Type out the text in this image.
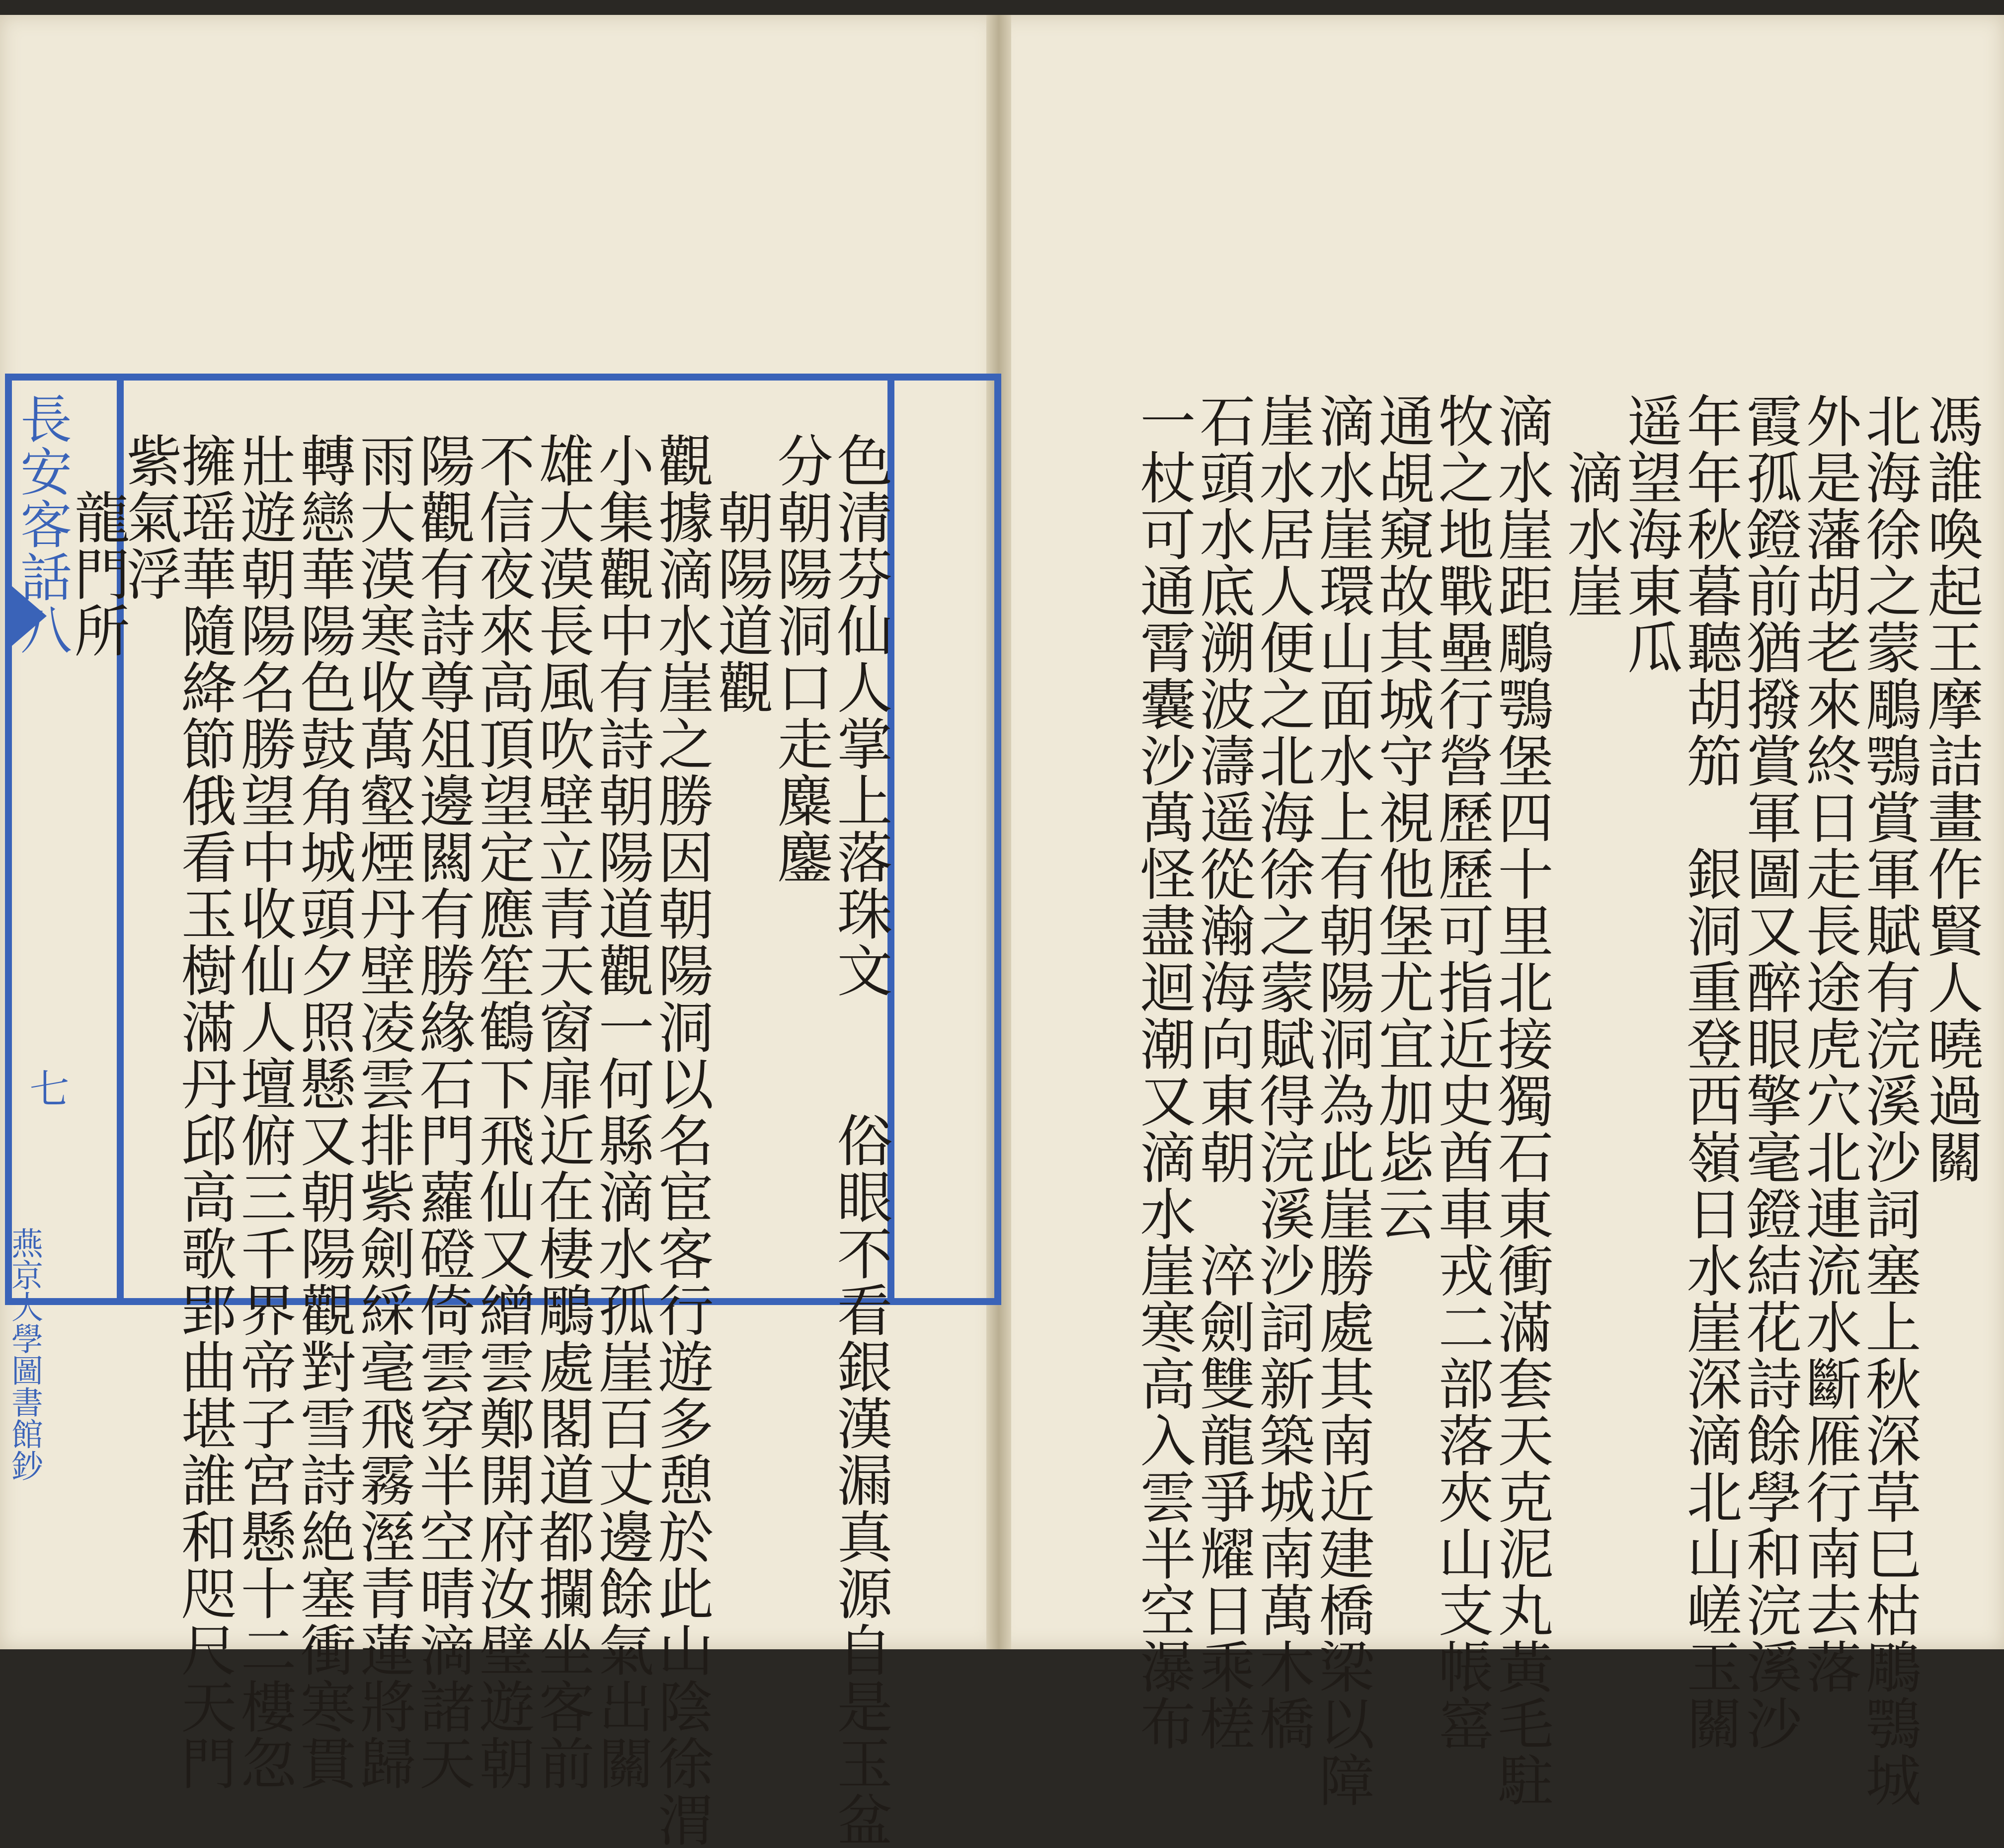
長安客話八
七
燕京大學圖書館鈔	色清芬仙人掌上落珠文　　俗眼不看銀漢漏真源自是玉盆
分朝陽洞口走麋鏖
　朝陽道觀
觀據滴水崖之勝因朝陽洞以名宦客行遊多憩於此山陰徐渭
小集觀中有詩朝陽道觀一何縣滴水孤崖百丈邊餘氣出關
雄大漠長風吹壁立青天窗扉近在棲鵰處閣道都攔坐客前
不信夜來高頂望定應笙鶴下飛仙又繒雲鄭開府汝璧遊朝
陽觀有詩尊俎邊闗有勝緣石門蘿磴倚雲穿半空晴滴諸天
雨大漠寒收萬壑煙丹壁凌雲排紫劍綵毫飛霧溼青蓮將歸
轉戀華陽色鼓角城頭夕照懸又朝陽觀對雪詩絶塞衝寒貫
壯遊朝陽名勝望中收仙人壇俯三千界帝子宮懸十二樓忽
擁瑶華隨絳節俄看玉樹滿丹邱高歌郢曲堪誰和咫尺天門
紫氣浮
　龍門所	馮誰喚起王摩詰畫作賢人曉過關
北海徐之蒙鵰鶚賞軍賦有浣溪沙詞塞上秋深草巳枯鵰鶚城
外是藩胡老來終日走長途虎穴北連流水斷雁行南去落
霞孤鐙前猶撥賞軍圖又醉眼擎毫鐙結花詩餘學和浣溪沙
年年秋暮聽胡笳　銀洞重登西嶺日水崖深滴北山嵯玉關
遥望海東瓜
　滴水崖
滴水崖距鵰鶚堡四十里北接獨石東衝滿套天克泥丸黃毛駐
牧之地戰壘行營歷歷可指近史酋車戎二部落夾山支帳窰
通覘窺故其城守視他堡尤宜加毖云
滴水崖環山面水上有朝陽洞為此崖勝處其南近建橋梁以障
崖水居人便之北海徐之蒙賦得浣溪沙詞新築城南萬木橋
石頭水底溯波濤遥從瀚海向東朝　淬劍雙龍爭耀日乘槎
一杖可通霄囊沙萬怪盡迴潮又滴水崖寒高入雲半空瀑布
